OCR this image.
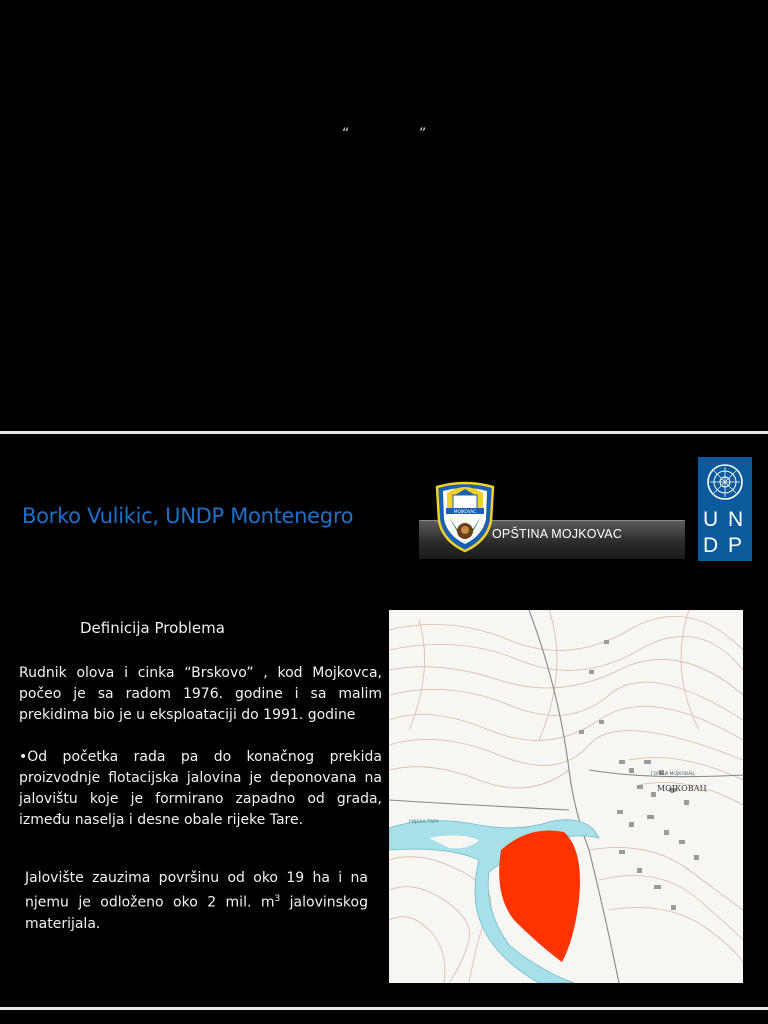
“	”
Borko Vulikic, UNDP Montenegro
OPŠTINA MOJKOVAC
MOJKOVAC	U N
D P
Definicija Problema
Rudnik olova i cinka “Brskovo” , kod Mojkovca, počeo je sa radom 1976. godine i sa malim prekidima bio je u eksploataciji do 1991. godine
•Od početka rada pa do konačnog prekida proizvodnje flotacijska jalovina je deponovana na jalovištu koje je formirano zapadno od grada, između naselja i desne obale rijeke Tare.
Jalovište zauzima površinu od oko 19 ha i na njemu je odloženo oko 2 mil. $m^3$ jalovinskog materijala.
МОЈКОВАЦ
ГОРЊИ МОЈКОВАЦ
РИЈЕКА ТАРА
